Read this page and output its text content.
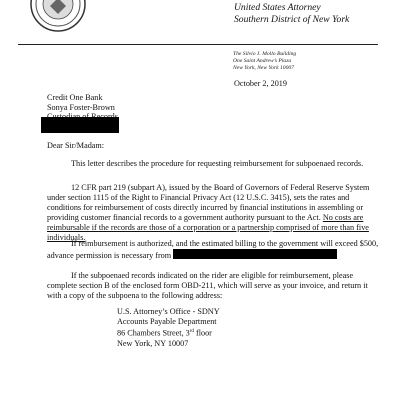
United States Attorney
Southern District of New York
The Silvio J. Mollo Building
One Saint Andrew’s Plaza
New York, New York 10007
October 2, 2019
Credit One Bank
Sonya Foster-Brown
Dear Sir/Madam:

This letter describes the procedure for requesting reimbursement for subpoenaed records.

12 CFR part 219 (subpart A), issued by the Board of Governors of Federal Reserve System under section 1115 of the Right to Financial Privacy Act (12 U.S.C. 3415), sets the rates and conditions for reimbursement of costs directly incurred by financial institutions in assembling or providing customer financial records to a government authority pursuant to the Act. No costs are reimbursable if the records are those of a corporation or a partnership comprised of more than five individuals.

If reimbursement is authorized, and the estimated billing to the government will exceed $500, advance permission is necessary from

If the subpoenaed records indicated on the rider are eligible for reimbursement, please complete section B of the enclosed form OBD-211, which will serve as your invoice, and return it with a copy of the subpoena to the following address:

U.S. Attorney’s Office - SDNY
Accounts Payable Department
86 Chambers Street, 3rd floor
New York, NY 10007
